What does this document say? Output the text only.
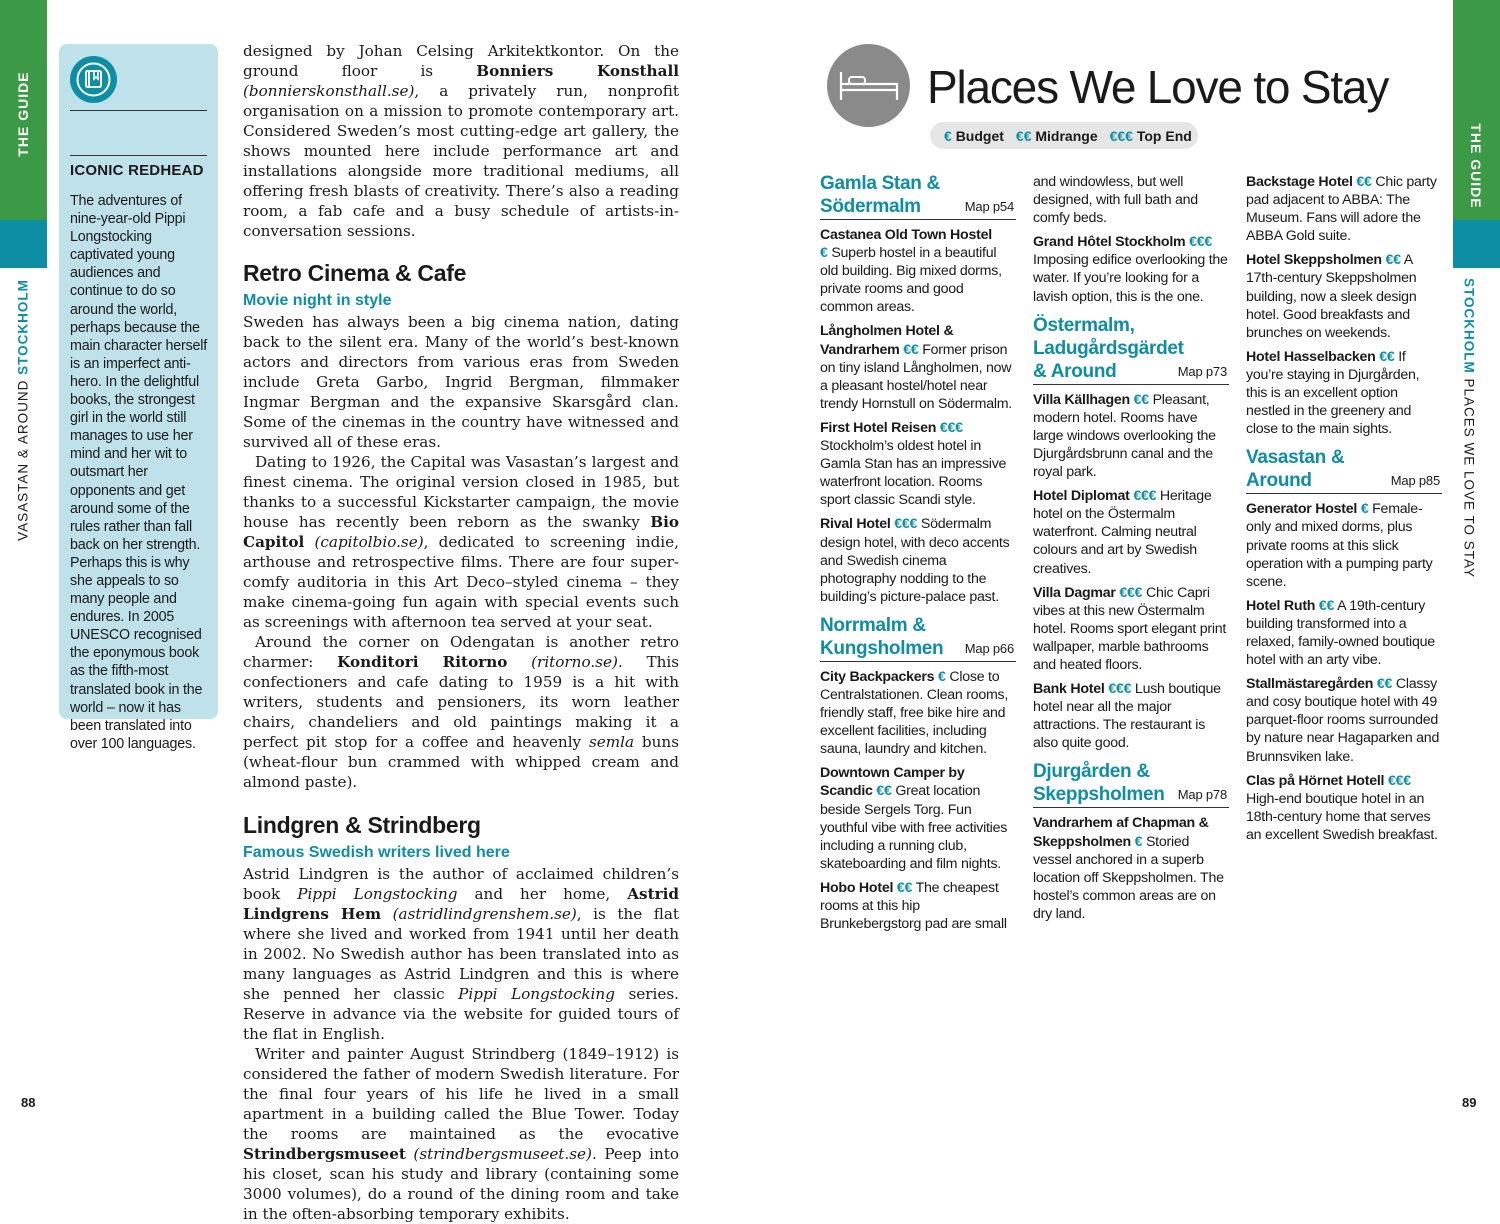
THE GUIDE
VASASTAN & AROUND STOCKHOLM
THE GUIDE
STOCKHOLM PLACES WE LOVE TO STAY
88	89
ICONIC REDHEAD
The adventures of nine-year-old Pippi Longstocking captivated young audiences and continue to do so around the world, perhaps because the main character herself is an imperfect anti-hero. In the delightful books, the strongest girl in the world still manages to use her mind and her wit to outsmart her opponents and get around some of the rules rather than fall back on her strength. Perhaps this is why she appeals to so many people and endures. In 2005 UNESCO recognised the eponymous book as the fifth-most translated book in the world – now it has been translated into over 100 languages.

designed by Johan Celsing Arkitektkontor. On the ground floor is Bonniers Konsthall (bonnierskonsthall.se), a privately run, nonprofit organisation on a mission to promote contemporary art. Considered Sweden’s most cutting-edge art gallery, the shows mounted here include performance art and installations alongside more traditional mediums, all offering fresh blasts of creativity. There’s also a reading room, a fab cafe and a busy schedule of artists-in-conversation sessions.

Retro Cinema & Cafe
Movie night in style

Sweden has always been a big cinema nation, dating back to the silent era. Many of the world’s best-known actors and directors from various eras from Sweden include Greta Garbo, Ingrid Bergman, filmmaker Ingmar Bergman and the expansive Skarsgård clan. Some of the cinemas in the country have witnessed and survived all of these eras.

Dating to 1926, the Capital was Vasastan’s largest and finest cinema. The original version closed in 1985, but thanks to a successful Kickstarter campaign, the movie house has recently been reborn as the swanky Bio Capitol (capitolbio.se), dedicated to screening indie, arthouse and retrospective films. There are four super-comfy auditoria in this Art Deco–styled cinema – they make cinema-going fun again with special events such as screenings with afternoon tea served at your seat.

Around the corner on Odengatan is another retro charmer: Konditori Ritorno (ritorno.se). This confectioners and cafe dating to 1959 is a hit with writers, students and pensioners, its worn leather chairs, chandeliers and old paintings making it a perfect pit stop for a coffee and heavenly semla buns (wheat-flour bun crammed with whipped cream and almond paste).

Lindgren & Strindberg
Famous Swedish writers lived here

Astrid Lindgren is the author of acclaimed children’s book Pippi Longstocking and her home, Astrid Lindgrens Hem (astridlindgrenshem.se), is the flat where she lived and worked from 1941 until her death in 2002. No Swedish author has been translated into as many languages as Astrid Lindgren and this is where she penned her classic Pippi Longstocking series. Reserve in advance via the website for guided tours of the flat in English.

Writer and painter August Strindberg (1849–1912) is considered the father of modern Swedish literature. For the final four years of his life he lived in a small apartment in a building called the Blue Tower. Today the rooms are maintained as the evocative Strindbergsmuseet (strindbergsmuseet.se). Peep into his closet, scan his study and library (containing some 3000 volumes), do a round of the dining room and take in the often-absorbing temporary exhibits.

Places We Love to Stay
€ Budget €€ Midrange €€€ Top End
Gamla Stan & Södermalm	Map p54

Castanea Old Town Hostel
€ Superb hostel in a beautiful old building. Big mixed dorms, private rooms and good common areas.

Långholmen Hotel & Vandrarhem €€ Former prison on tiny island Långholmen, now a pleasant hostel/hotel near trendy Hornstull on Södermalm.

First Hotel Reisen €€€ Stockholm’s oldest hotel in Gamla Stan has an impressive waterfront location. Rooms sport classic Scandi style.

Rival Hotel €€€ Södermalm design hotel, with deco accents and Swedish cinema photography nodding to the building’s picture-palace past.

Norrmalm & Kungsholmen	Map p66

City Backpackers € Close to Centralstationen. Clean rooms, friendly staff, free bike hire and excellent facilities, including sauna, laundry and kitchen.

Downtown Camper by Scandic €€ Great location beside Sergels Torg. Fun youthful vibe with free activities including a running club, skateboarding and film nights.

Hobo Hotel €€ The cheapest rooms at this hip Brunkebergstorg pad are small

and windowless, but well designed, with full bath and comfy beds.

Grand Hôtel Stockholm €€€ Imposing edifice overlooking the water. If you’re looking for a lavish option, this is the one.

Östermalm, Ladugårdsgärdet & Around	Map p73

Villa Källhagen €€ Pleasant, modern hotel. Rooms have large windows overlooking the Djurgårdsbrunn canal and the royal park.

Hotel Diplomat €€€ Heritage hotel on the Östermalm waterfront. Calming neutral colours and art by Swedish creatives.

Villa Dagmar €€€ Chic Capri vibes at this new Östermalm hotel. Rooms sport elegant print wallpaper, marble bathrooms and heated floors.

Bank Hotel €€€ Lush boutique hotel near all the major attractions. The restaurant is also quite good.

Djurgården & Skeppsholmen	Map p78

Vandrarhem af Chapman & Skeppsholmen € Storied vessel anchored in a superb location off Skeppsholmen. The hostel’s common areas are on dry land.

Backstage Hotel €€ Chic party pad adjacent to ABBA: The Museum. Fans will adore the ABBA Gold suite.

Hotel Skeppsholmen €€ A 17th-century Skeppsholmen building, now a sleek design hotel. Good breakfasts and brunches on weekends.

Hotel Hasselbacken €€ If you’re staying in Djurgården, this is an excellent option nestled in the greenery and close to the main sights.

Vasastan & Around	Map p85

Generator Hostel € Female-only and mixed dorms, plus private rooms at this slick operation with a pumping party scene.

Hotel Ruth €€ A 19th-century building transformed into a relaxed, family-owned boutique hotel with an arty vibe.

Stallmästaregården €€ Classy and cosy boutique hotel with 49 parquet-floor rooms surrounded by nature near Hagaparken and Brunnsviken lake.

Clas på Hörnet Hotell €€€ High-end boutique hotel in an 18th-century home that serves an excellent Swedish breakfast.
